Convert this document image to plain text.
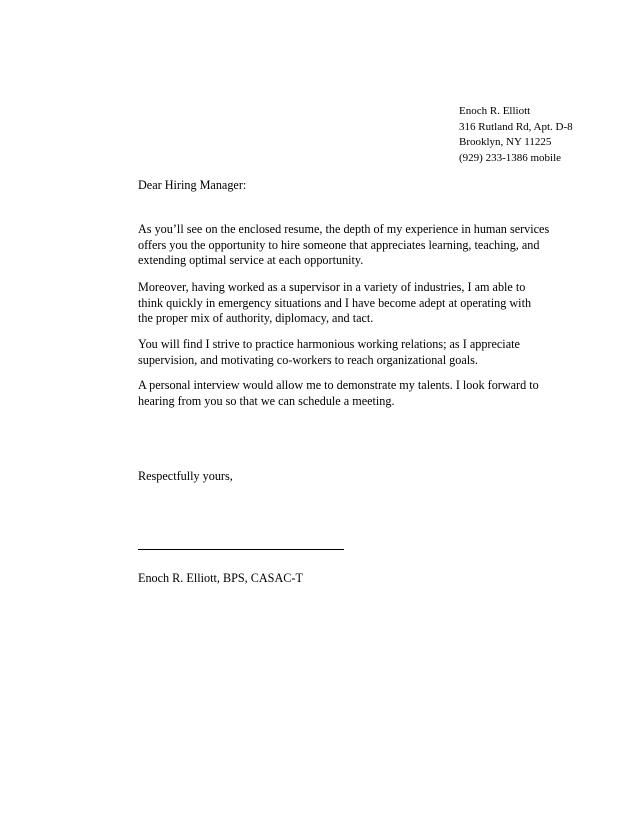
Enoch R. Elliott
316 Rutland Rd, Apt. D-8
Brooklyn, NY 11225
(929) 233-1386 mobile
Dear Hiring Manager:
As you’ll see on the enclosed resume, the depth of my experience in human services
offers you the opportunity to hire someone that appreciates learning, teaching, and
extending optimal service at each opportunity.
Moreover, having worked as a supervisor in a variety of industries, I am able to
think quickly in emergency situations and I have become adept at operating with
the proper mix of authority, diplomacy, and tact.
You will find I strive to practice harmonious working relations; as I appreciate
supervision, and motivating co-workers to reach organizational goals.
A personal interview would allow me to demonstrate my talents. I look forward to
hearing from you so that we can schedule a meeting.
Respectfully yours,
Enoch R. Elliott, BPS, CASAC-T
